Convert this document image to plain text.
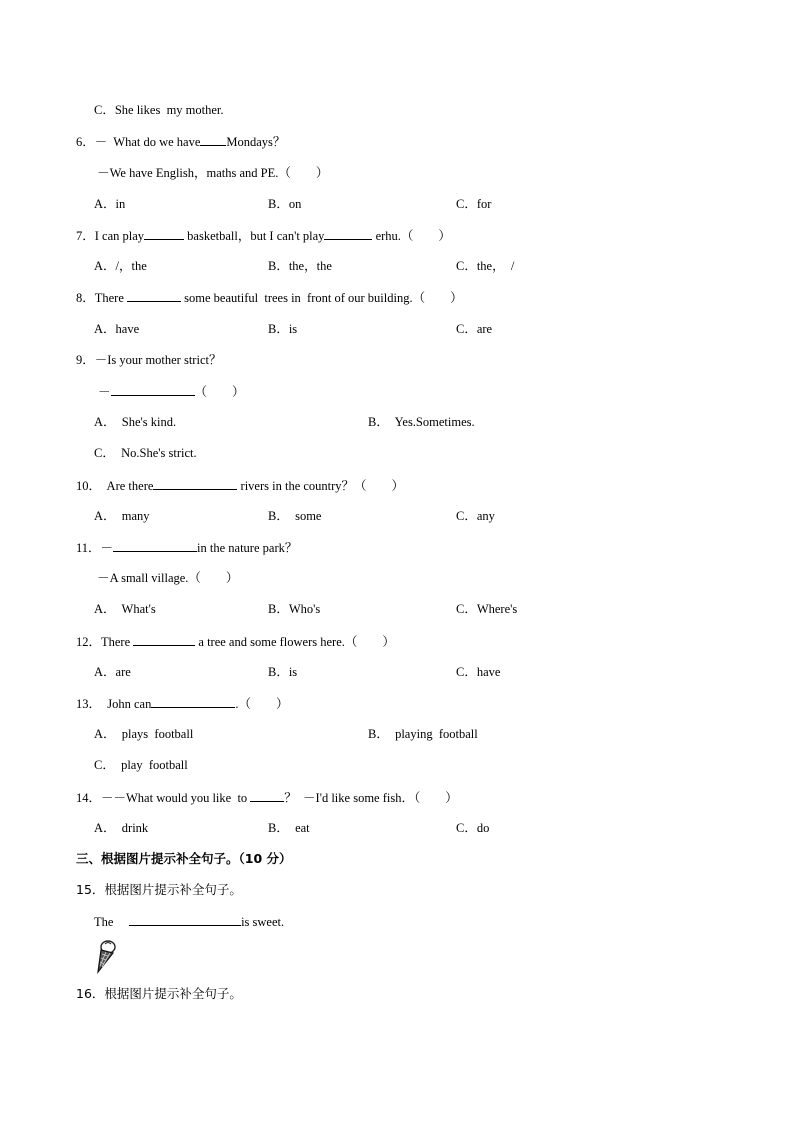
C．She likes  my mother.
6．－  What do we have Mondays？
－We have English，maths and PE.（        ）
A．in	B．on	C．for
7．I can play	basketball，but I can't play	erhu.（        ）
A．/，the	B．the，the	C．the，  /
8．There	some beautiful  trees in  front of our building.（        ）
A．have	B．is	C．are
9．－Is your mother strict？
－	（        ）
A．  She's kind.	B．  Yes.Sometimes.
C．  No.She's strict.
10．  Are there	rivers in the country？（        ）
A．  many	B．  some	C．any
11．－	in the nature park？
－A small village.（        ）
A．  What's	B．Who's	C．Where's
12．There	a tree and some flowers here.（        ）
A．are	B．is	C．have
13．  John can	.（        ）
A．  plays  football	B．  playing  football
C．  play  football
14．－－What would you like  to	？  －I'd like some fish．（        ）
A．  drink	B．  eat	C．do
三、根据图片提示补全句子。（10 分）
15．根据图片提示补全句子。
The	is sweet.
16．根据图片提示补全句子。
